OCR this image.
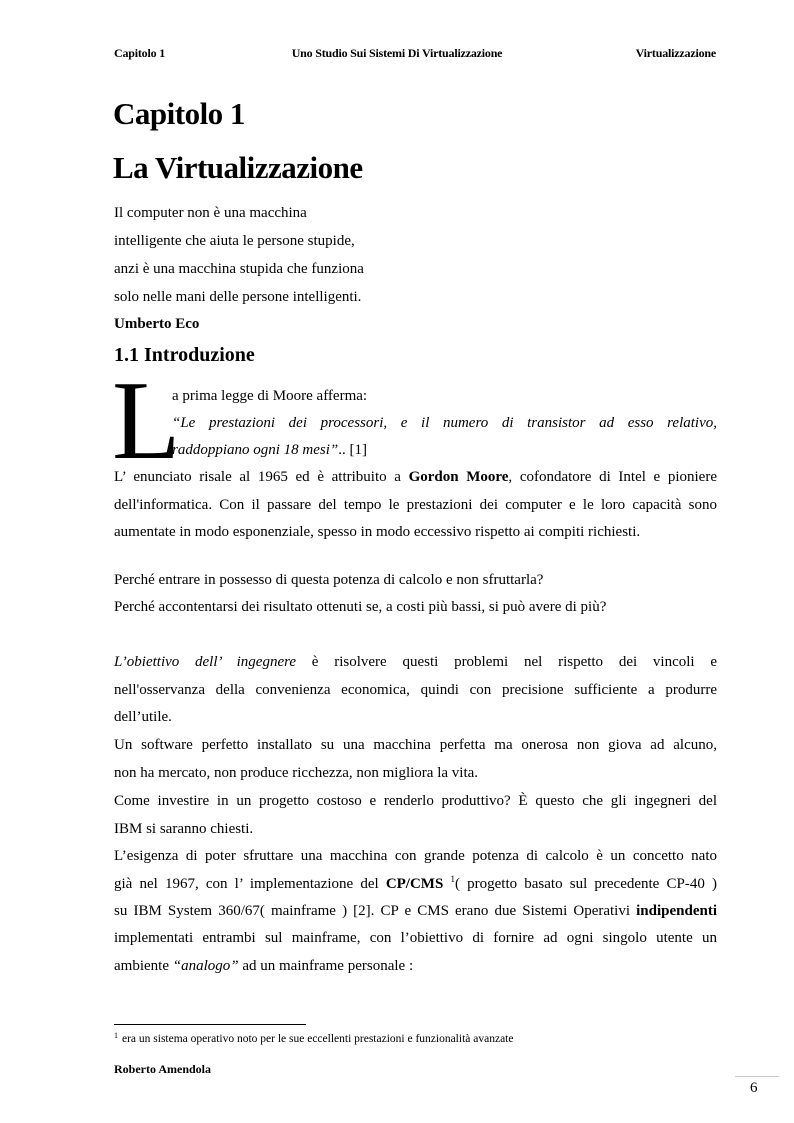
Capitolo 1	Uno Studio Sui Sistemi Di Virtualizzazione	Virtualizzazione
Capitolo 1
La Virtualizzazione
Il computer non è una macchina
intelligente che aiuta le persone stupide,
anzi è una macchina stupida che funziona
solo nelle mani delle persone intelligenti.
Umberto Eco
1.1 Introduzione
L
a prima legge di Moore afferma:
“Le prestazioni dei processori, e il numero di transistor ad esso relativo,
raddoppiano ogni 18 mesi”.. [1]
L’ enunciato risale al 1965 ed è attribuito a Gordon Moore, cofondatore di Intel e pioniere
dell'informatica. Con il passare del tempo le prestazioni dei computer e le loro capacità sono
aumentate in modo esponenziale, spesso in modo eccessivo rispetto ai compiti richiesti.
Perché entrare in possesso di questa potenza di calcolo e non sfruttarla?
Perché accontentarsi dei risultato ottenuti se, a costi più bassi, si può avere di più?
L’obiettivo dell’ ingegnere è risolvere questi problemi nel rispetto dei vincoli e
nell'osservanza della convenienza economica, quindi con precisione sufficiente a produrre
dell’utile.
Un software perfetto installato su una macchina perfetta ma onerosa non giova ad alcuno,
non ha mercato, non produce ricchezza, non migliora la vita.
Come investire in un progetto costoso e renderlo produttivo? È questo che gli ingegneri del
IBM si saranno chiesti.
L’esigenza di poter sfruttare una macchina con grande potenza di calcolo è un concetto nato
già nel 1967, con l’ implementazione del CP/CMS $^1$( progetto basato sul precedente CP-40 )
su IBM System 360/67( mainframe ) [2]. CP e CMS erano due Sistemi Operativi indipendenti
implementati entrambi sul mainframe, con l’obiettivo di fornire ad ogni singolo utente un
ambiente “analogo” ad un mainframe personale :
$^1$ era un sistema operativo noto per le sue eccellenti prestazioni e funzionalità avanzate
Roberto Amendola
6
